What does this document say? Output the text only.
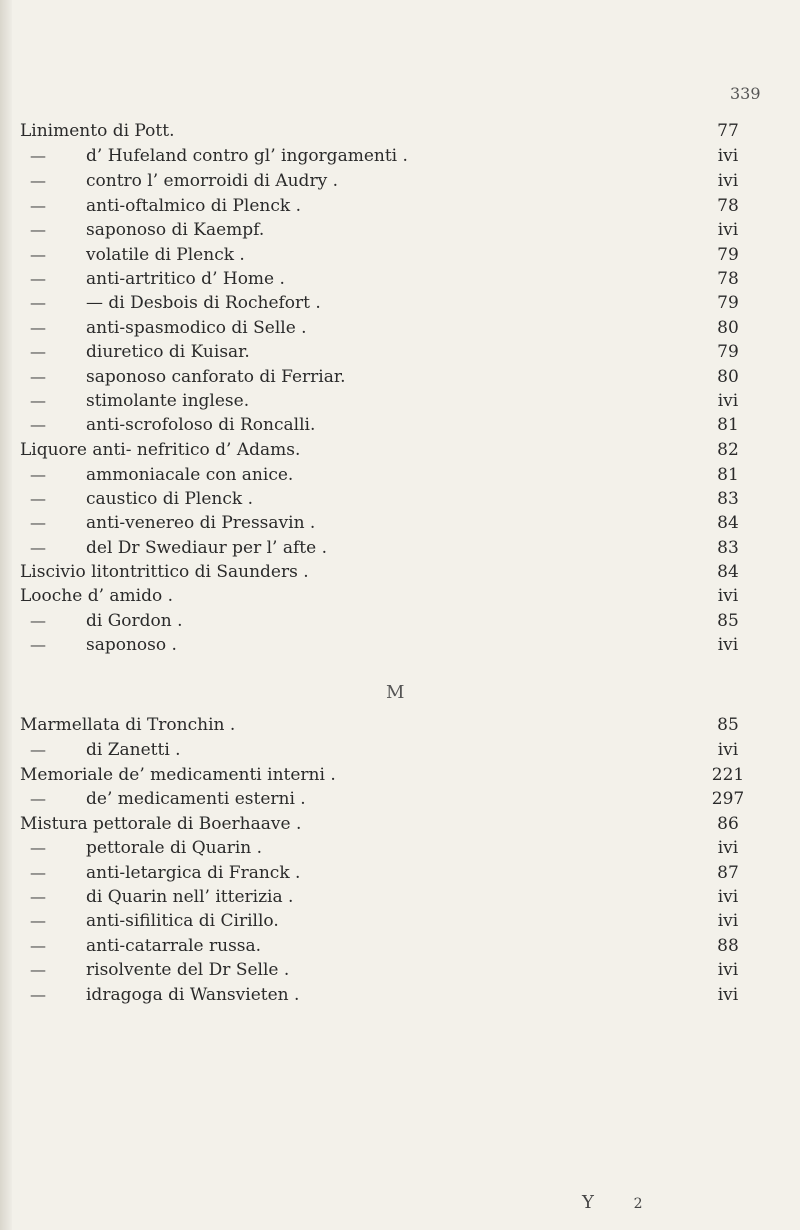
339
Linimento di Pott.	77
— d’ Hufeland contro gl’ ingorgamenti .	ivi
— contro l’ emorroidi di Audry .	ivi
— anti-oftalmico di Plenck .	78
— saponoso di Kaempf.	ivi
— volatile di Plenck .	79
— anti-artritico d’ Home .	78
— — di Desbois di Rochefort .	79
— anti-spasmodico di Selle .	80
— diuretico di Kuisar.	79
— saponoso canforato di Ferriar.	80
— stimolante inglese.	ivi
— anti-scrofoloso di Roncalli.	81
Liquore anti- nefritico d’ Adams.	82
— ammoniacale con anice.	81
— caustico di Plenck .	83
— anti-venereo di Pressavin .	84
— del Dr Swediaur per l’ afte .	83
Liscivio litontrittico di Saunders .	84
Looche d’ amido .	ivi
— di Gordon .	85
— saponoso .	ivi
Marmellata di Tronchin .	85
— di Zanetti .	ivi
Memoriale de’ medicamenti interni .	221
— de’ medicamenti esterni .	297
Mistura pettorale di Boerhaave .	86
— pettorale di Quarin .	ivi
— anti-letargica di Franck .	87
— di Quarin nell’ itterizia .	ivi
— anti-sifilitica di Cirillo.	ivi
— anti-catarrale russa.	88
— risolvente del Dr Selle .	ivi
— idragoga di Wansvieten .	ivi
M
Y	2
